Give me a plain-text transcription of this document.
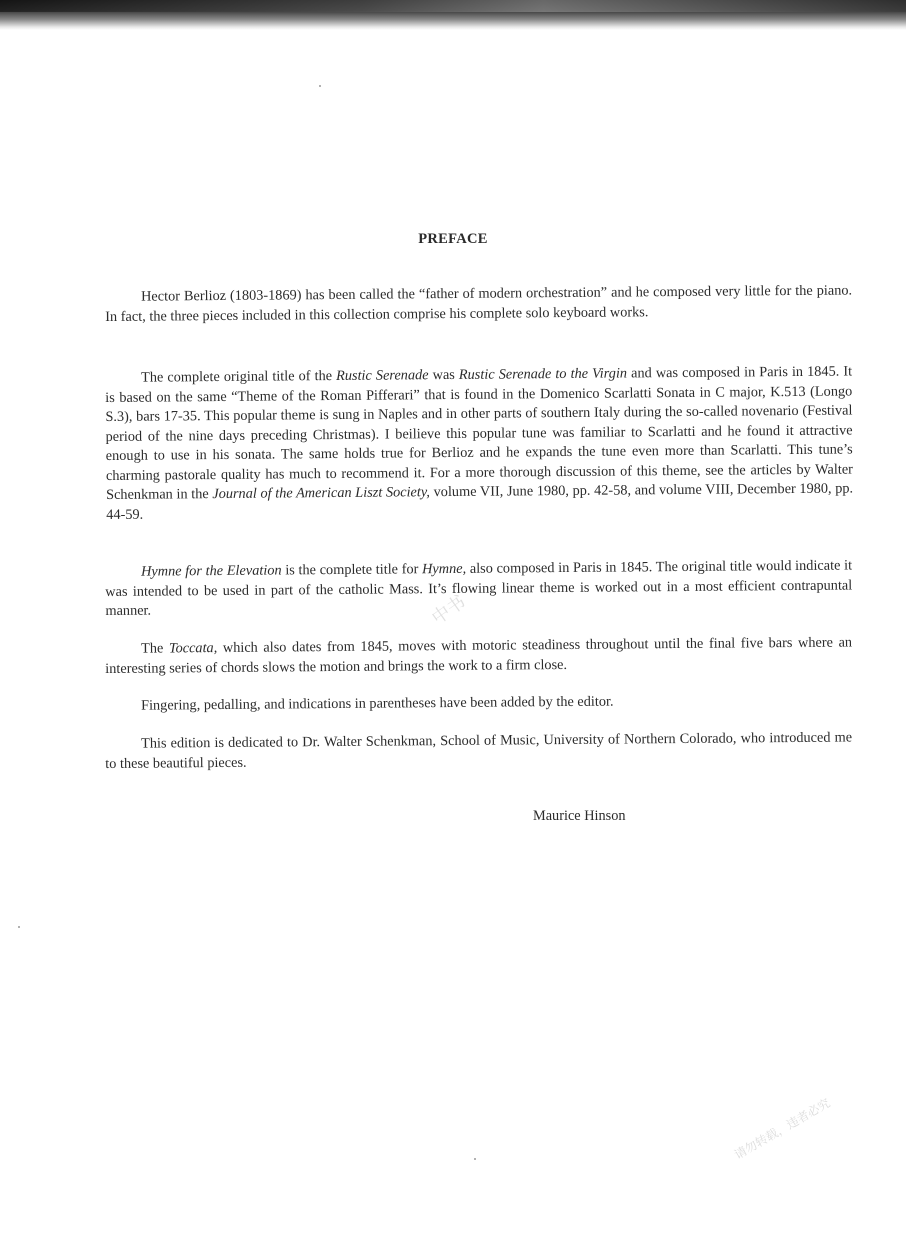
PREFACE

Hector Berlioz (1803-1869) has been called the “father of modern orchestration” and he composed very little for the piano. In fact, the three pieces included in this collection comprise his complete solo keyboard works.

The complete original title of the Rustic Serenade was Rustic Serenade to the Virgin and was composed in Paris in 1845. It is based on the same “Theme of the Roman Pifferari” that is found in the Domenico Scarlatti Sonata in C major, K.513 (Longo S.3), bars 17-35. This popular theme is sung in Naples and in other parts of southern Italy during the so-called novenario (Festival period of the nine days preceding Christmas). I beilieve this popular tune was familiar to Scarlatti and he found it attractive enough to use in his sonata. The same holds true for Berlioz and he expands the tune even more than Scarlatti. This tune’s charming pastorale quality has much to recommend it. For a more thorough discussion of this theme, see the articles by Walter Schenkman in the Journal of the American Liszt Society, volume VII, June 1980, pp. 42-58, and volume VIII, December 1980, pp. 44-59.

Hymne for the Elevation is the complete title for Hymne, also composed in Paris in 1845. The original title would indicate it was intended to be used in part of the catholic Mass. It’s flowing linear theme is worked out in a most efficient contrapuntal manner.

The Toccata, which also dates from 1845, moves with motoric steadiness throughout until the final five bars where an interesting series of chords slows the motion and brings the work to a firm close.

Fingering, pedalling, and indications in parentheses have been added by the editor.

This edition is dedicated to Dr. Walter Schenkman, School of Music, University of Northern Colorado, who introduced me to these beautiful pieces.

Maurice Hinson
中书
请勿转载，违者必究
